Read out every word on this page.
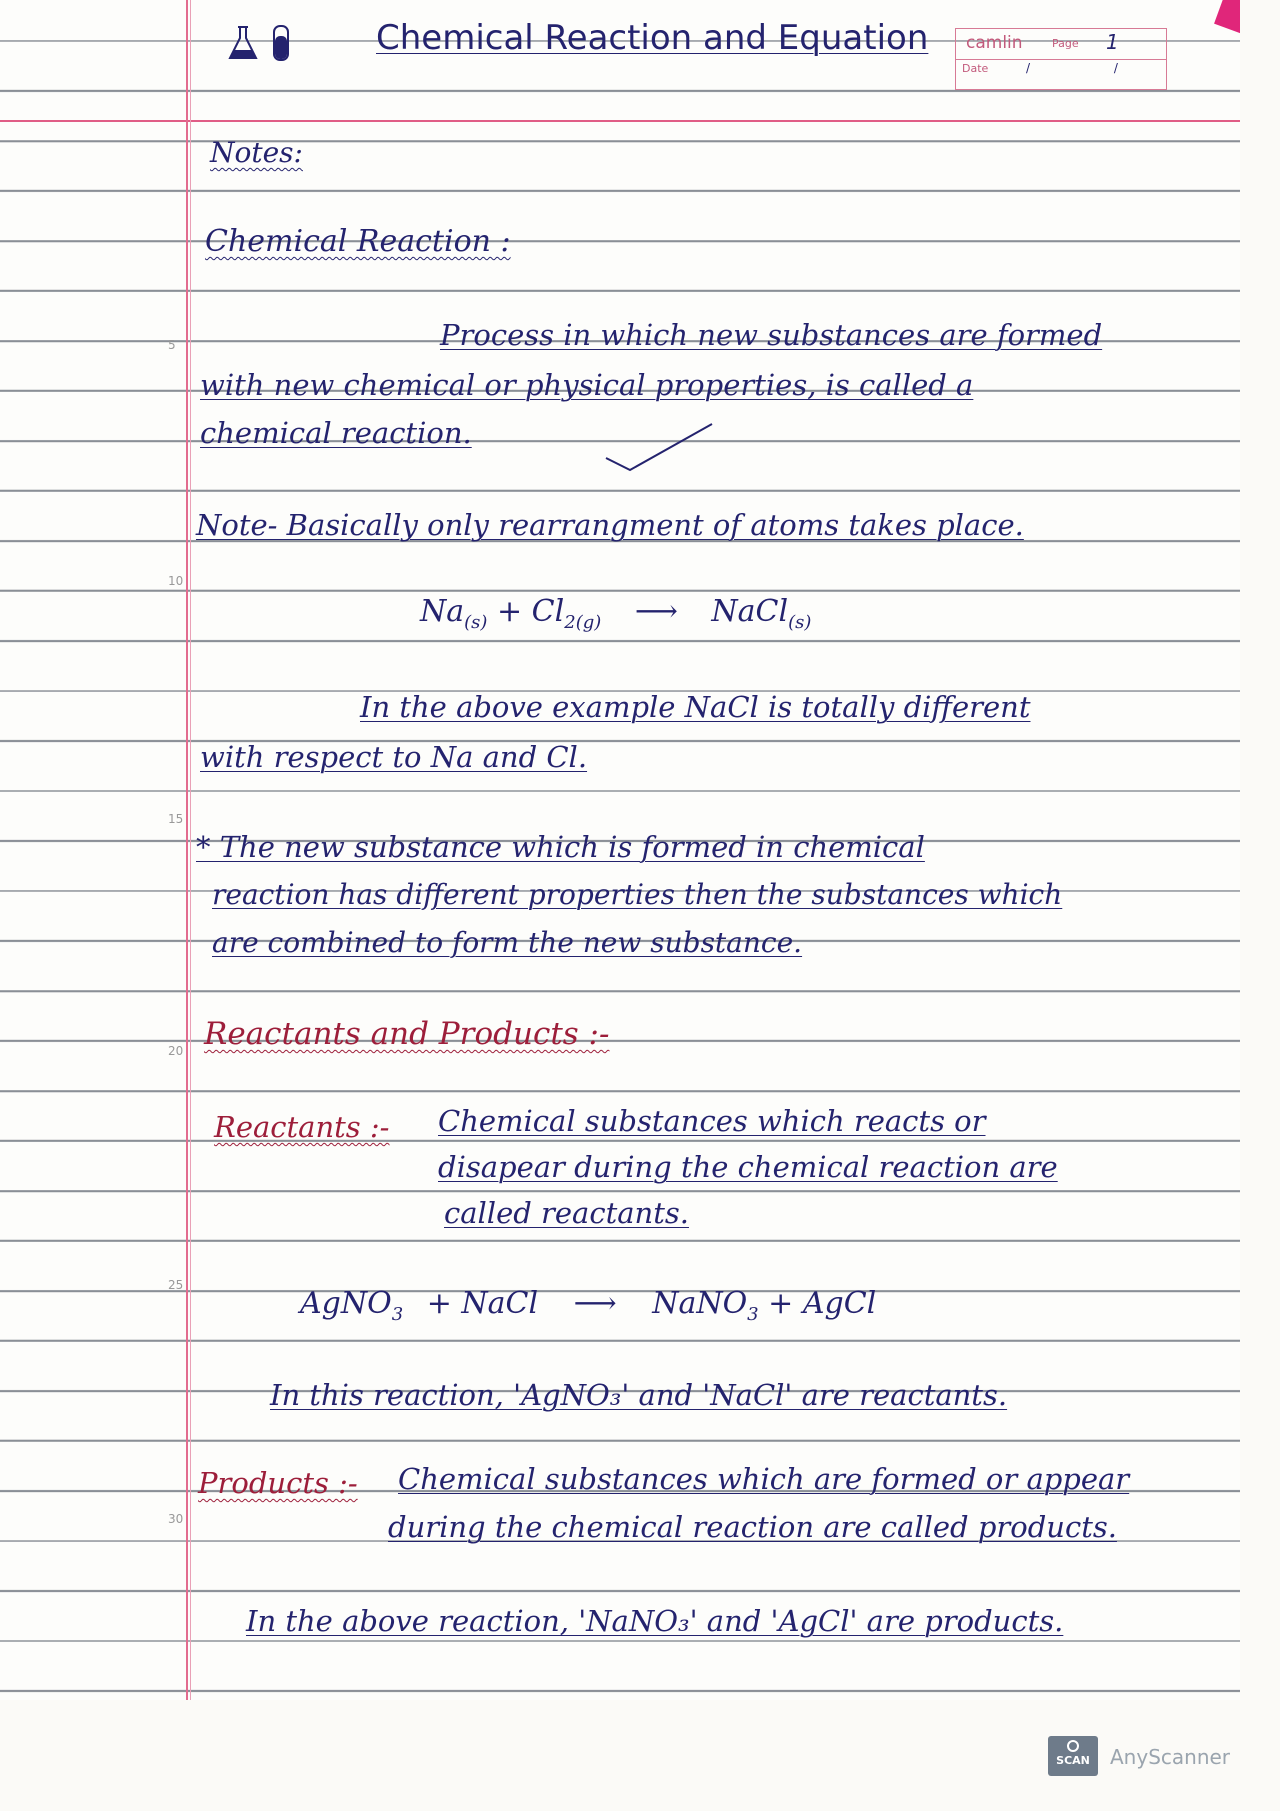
5
10
15
20
25
30
Chemical Reaction and Equation camlin	Page 1
Date	/ /
Notes:
Chemical Reaction :
Process in which new substances are formed
with new chemical or physical properties, is called a
chemical reaction.
Note- Basically only rearrangment of atoms takes place.
$Na_{(s)} + Cl_{2(g)}$ ⟶ NaCl$_{(s)}$
In the above example NaCl is totally different
with respect to Na and Cl.
* The new substance which is formed in chemical
reaction has different properties then the substances which
are combined to form the new substance.
Reactants and Products :-
Reactants :- Chemical substances which reacts or
disapear during the chemical reaction are
called reactants.
AgNO$_3$ + NaCl ⟶ NaNO$_3$ + AgCl
In this reaction, 'AgNO₃' and 'NaCl' are reactants.
Products :- Chemical substances which are formed or appear
during the chemical reaction are called products.
In the above reaction, 'NaNO₃' and 'AgCl' are products.
SCAN	AnyScanner
